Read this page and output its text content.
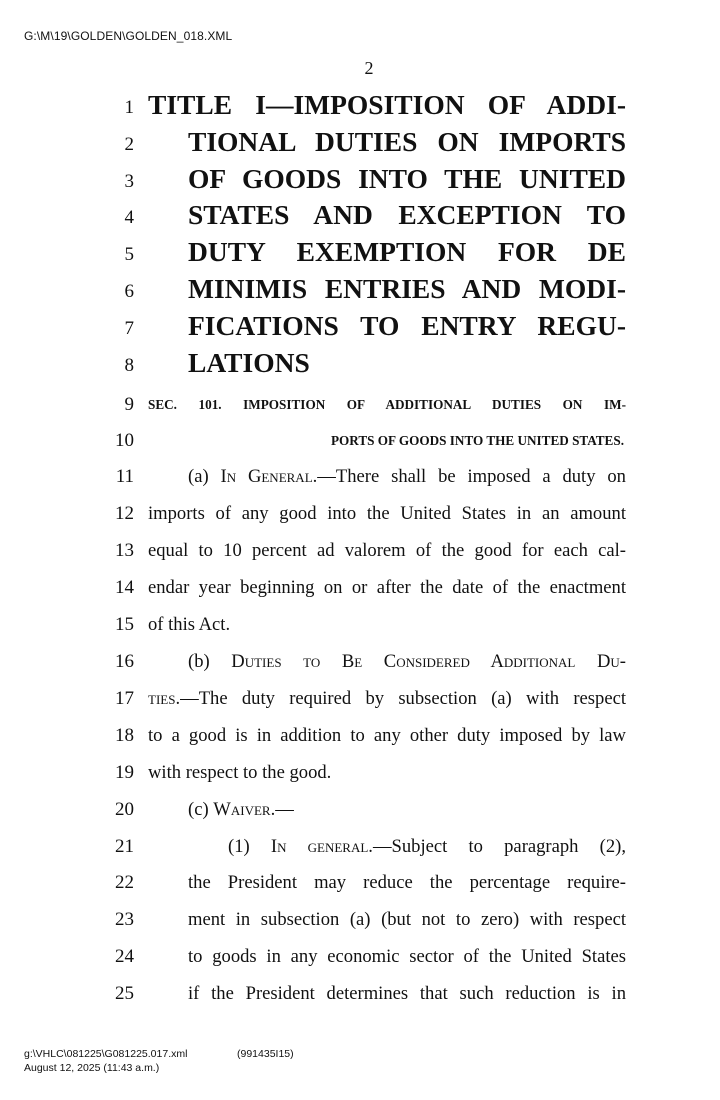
G:\M\19\GOLDEN\GOLDEN_018.XML
2
1 TITLE I—IMPOSITION OF ADDI-
2 TIONAL DUTIES ON IMPORTS
3 OF GOODS INTO THE UNITED
4 STATES AND EXCEPTION TO
5 DUTY EXEMPTION FOR DE
6 MINIMIS ENTRIES AND MODI-
7 FICATIONS TO ENTRY REGU-
8 LATIONS
9 SEC. 101. IMPOSITION OF ADDITIONAL DUTIES ON IM-
10	PORTS OF GOODS INTO THE UNITED STATES.
11	(a) In General.—There shall be imposed a duty on
12 imports of any good into the United States in an amount
13 equal to 10 percent ad valorem of the good for each cal-
14 endar year beginning on or after the date of the enactment
15 of this Act.
16	(b) Duties to Be Considered Additional Du-
17 ties.—The duty required by subsection (a) with respect
18 to a good is in addition to any other duty imposed by law
19 with respect to the good.
20	(c) Waiver.—
21	(1) In general.—Subject to paragraph (2),
22	the President may reduce the percentage require-
23	ment in subsection (a) (but not to zero) with respect
24	to goods in any economic sector of the United States
25	if the President determines that such reduction is in
g:\VHLC\081225\G081225.017.xml
August 12, 2025 (11:43 a.m.)
(991435I15)
